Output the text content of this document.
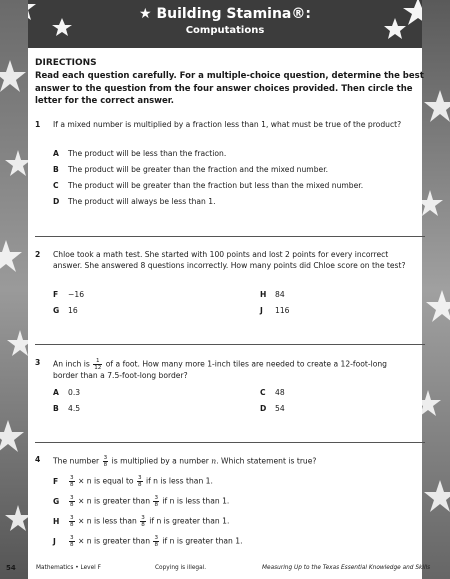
★ Building Stamina®:
Computations
DIRECTIONS
Read each question carefully. For a multiple-choice question, determine the best answer to the question from the four answer choices provided. Then circle the letter for the correct answer.
1 If a mixed number is multiplied by a fraction less than 1, what must be true of the product?
A The product will be less than the fraction.
B The product will be greater than the fraction and the mixed number.
C The product will be greater than the fraction but less than the mixed number.
D The product will always be less than 1.
2 Chloe took a math test. She started with 100 points and lost 2 points for every incorrect answer. She answered 8 questions incorrectly. How many points did Chloe score on the test?
F −16
G 16
H 84
J 116
3 An inch is $\frac{1}{12}$ of a foot. How many more 1-inch tiles are needed to create a 12-foot-long border than a 7.5-foot-long border?
A 0.3
B 4.5
C 48
D 54
4 The number $\frac{3}{8}$ is multiplied by a number n. Which statement is true?
F $\frac{3}{8} \times n$ is equal to $\frac{3}{8}$ if n is less than 1.
G $\frac{3}{8} \times n$ is greater than $\frac{3}{8}$ if n is less than 1.
H $\frac{3}{8} \times n$ is less than $\frac{3}{8}$ if n is greater than 1.
J $\frac{3}{8} \times n$ is greater than $\frac{3}{8}$ if n is greater than 1.
54	Mathematics • Level F	Copying is illegal.	Measuring Up to the Texas Essential Knowledge and Skills
